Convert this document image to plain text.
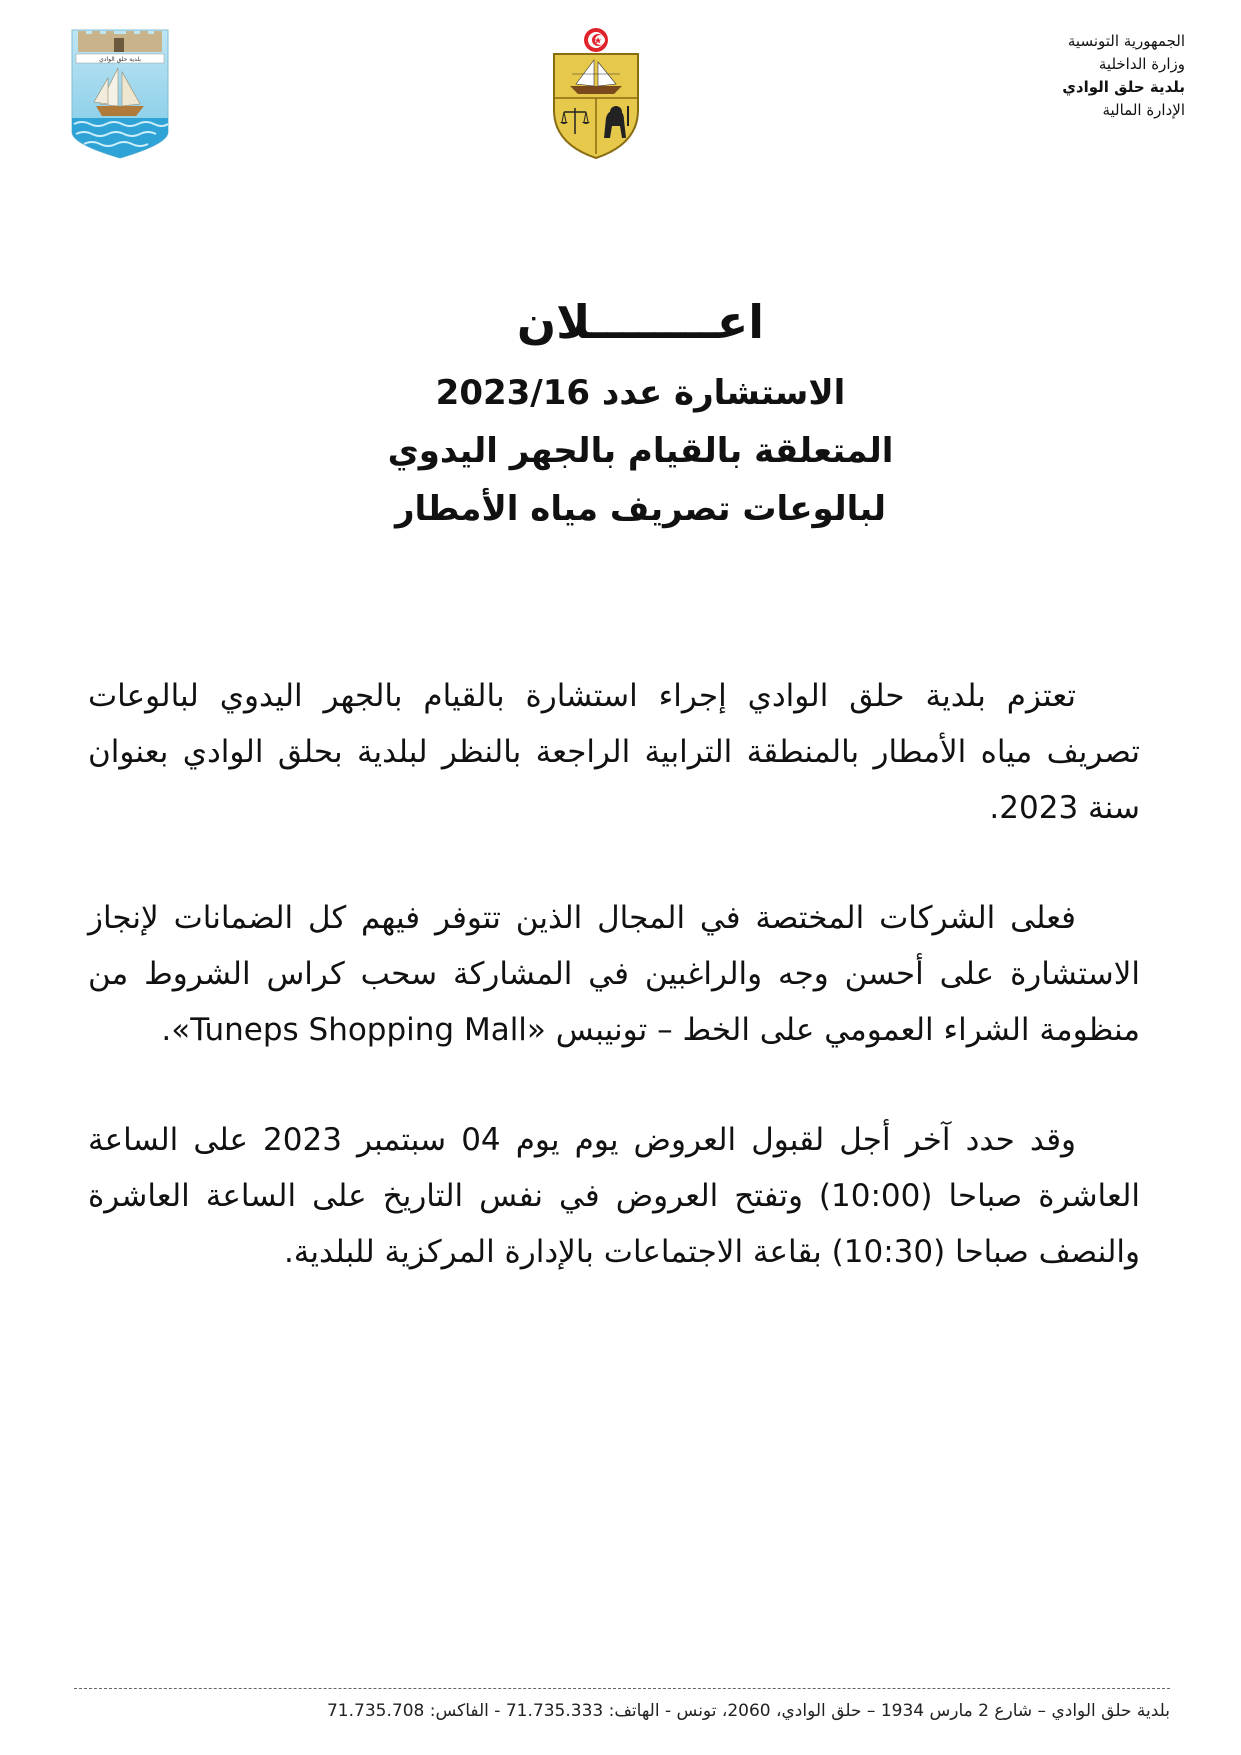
بلدية حلق الوادي
الجمهورية التونسية
وزارة الداخلية
بلدية حلق الوادي
الإدارة المالية
اعــــــــلان
الاستشارة عدد 2023/16
المتعلقة بالقيام بالجهر اليدوي
لبالوعات تصريف مياه الأمطار

تعتزم بلدية حلق الوادي إجراء استشارة بالقيام بالجهر اليدوي لبالوعات تصريف مياه الأمطار بالمنطقة الترابية الراجعة بالنظر لبلدية بحلق الوادي بعنوان سنة 2023.

فعلى الشركات المختصة في المجال الذين تتوفر فيهم كل الضمانات لإنجاز الاستشارة على أحسن وجه والراغبين في المشاركة سحب كراس الشروط من منظومة الشراء العمومي على الخط – تونيبس «Tuneps Shopping Mall».

وقد حدد آخر أجل لقبول العروض يوم يوم 04 سبتمبر 2023 على الساعة العاشرة صباحا (10:00) وتفتح العروض في نفس التاريخ على الساعة العاشرة والنصف صباحا (10:30) بقاعة الاجتماعات بالإدارة المركزية للبلدية.

بلدية حلق الوادي – شارع 2 مارس 1934 – حلق الوادي، 2060، تونس - الهاتف: 71.735.333 - الفاكس: 71.735.708
